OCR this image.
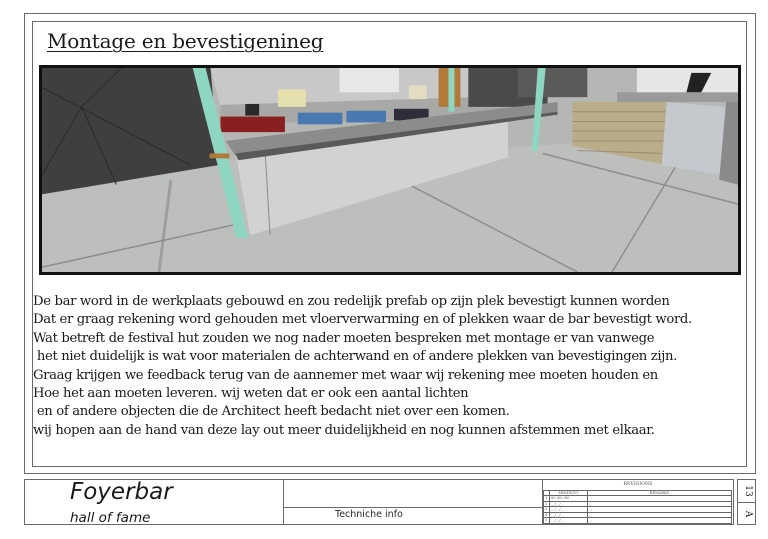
Montage en bevestigenineg
De bar word in de werkplaats gebouwd en zou redelijk prefab op zijn plek bevestigt kunnen worden
Dat er graag rekening word gehouden met vloerverwarming en of plekken waar de bar bevestigt word.
Wat betreft de festival hut zouden we nog nader moeten bespreken met montage er van vanwege
het niet duidelijk is wat voor materialen de achterwand en of andere plekken van bevestigingen zijn.
Graag krijgen we feedback terug van de aannemer met waar wij rekening mee moeten houden en
Hoe het aan moeten leveren. wij weten dat er ook een aantal lichten
en of andere objecten die de Architect heeft bedacht niet over een komen.
wij hopen aan de hand van deze lay out meer duidelijkheid en nog kunnen afstemmen met elkaar.
Foyerbar
hall of fame	Techniche info
REVISIONS
	MM/DD/YY	REMARKS
1	00 /00 /00	
2	__/__/__	__
3	__/__/__	__
4	__/__/__	__
5	__/__/__	__
13
A
